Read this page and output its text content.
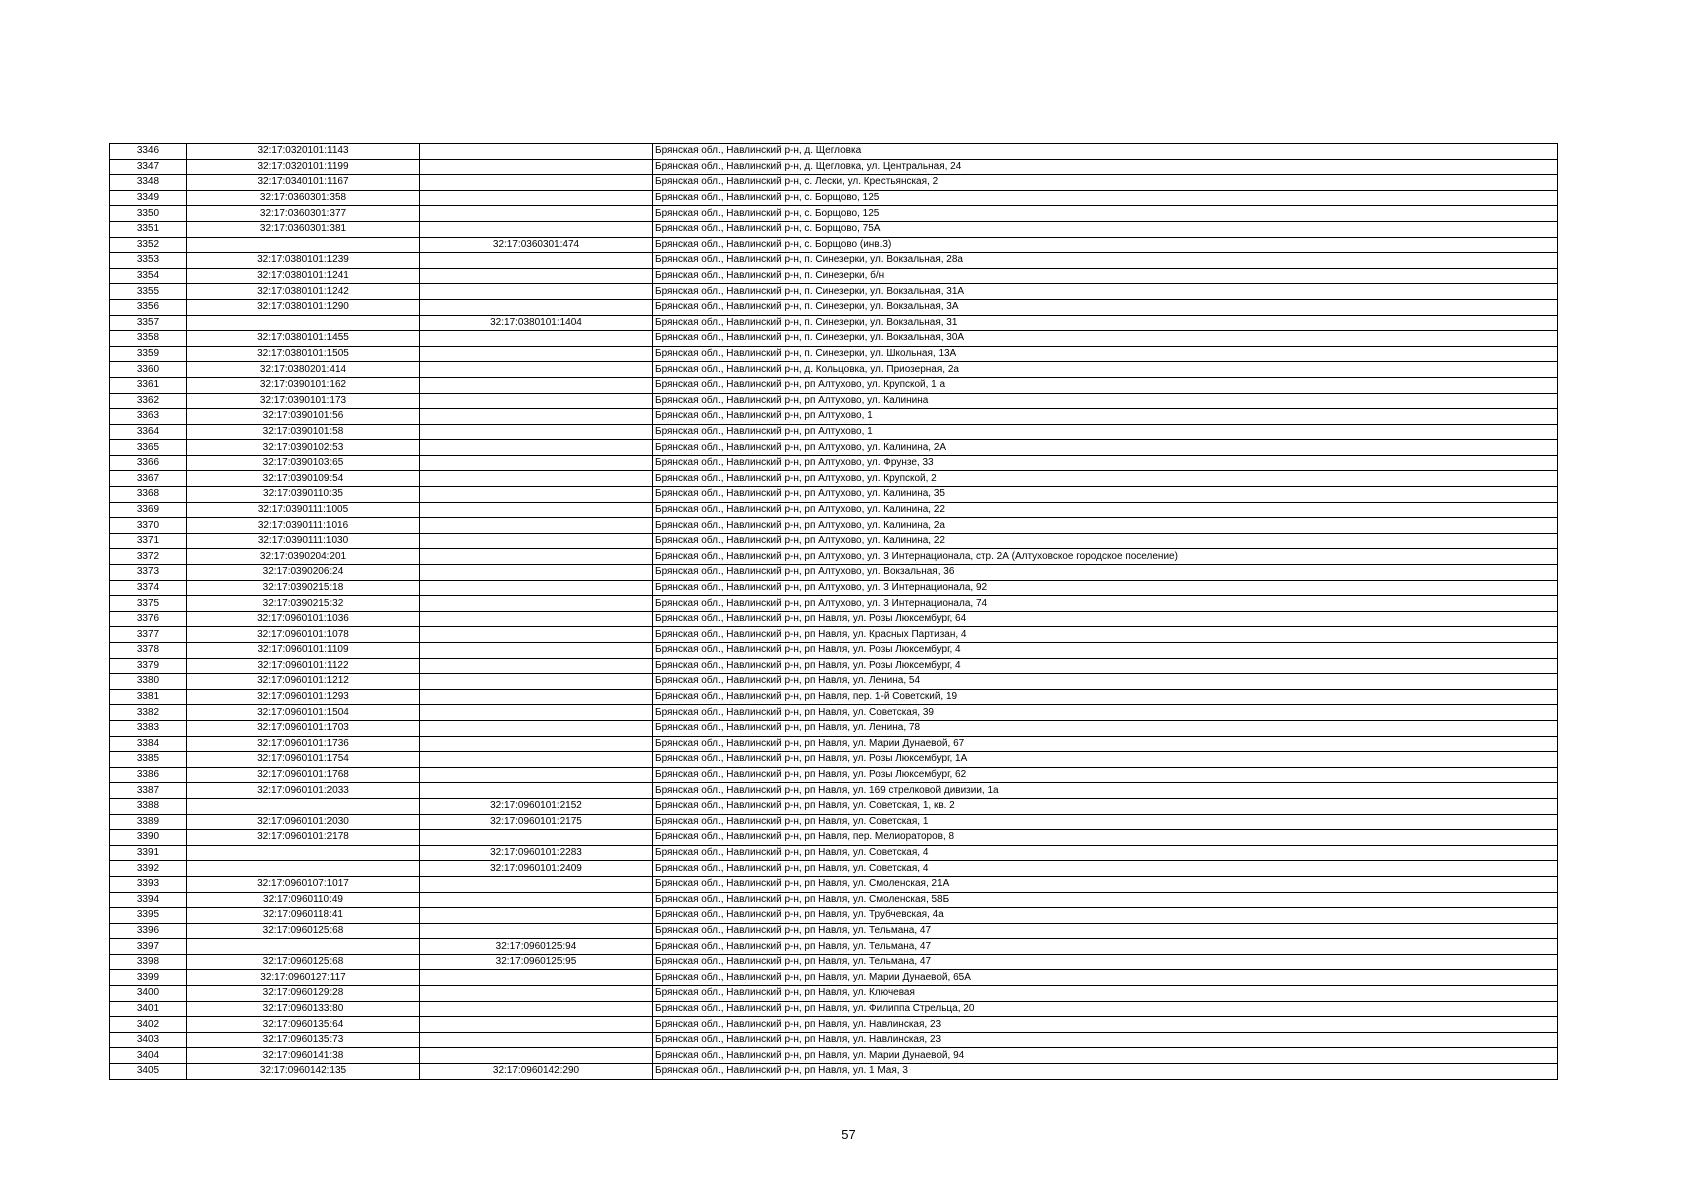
3346	32:17:0320101:1143		Брянская обл., Навлинский р-н, д. Щегловка
3347	32:17:0320101:1199		Брянская обл., Навлинский р-н, д. Щегловка, ул. Центральная, 24
3348	32:17:0340101:1167		Брянская обл., Навлинский р-н, с. Лески, ул. Крестьянская, 2
3349	32:17:0360301:358		Брянская обл., Навлинский р-н, с. Борщово, 125
3350	32:17:0360301:377		Брянская обл., Навлинский р-н, с. Борщово, 125
3351	32:17:0360301:381		Брянская обл., Навлинский р-н, с. Борщово, 75А
3352		32:17:0360301:474	Брянская обл., Навлинский р-н, с. Борщово (инв.3)
3353	32:17:0380101:1239		Брянская обл., Навлинский р-н, п. Синезерки, ул. Вокзальная, 28а
3354	32:17:0380101:1241		Брянская обл., Навлинский р-н, п. Синезерки, б/н
3355	32:17:0380101:1242		Брянская обл., Навлинский р-н, п. Синезерки, ул. Вокзальная, 31А
3356	32:17:0380101:1290		Брянская обл., Навлинский р-н, п. Синезерки, ул. Вокзальная, 3А
3357		32:17:0380101:1404	Брянская обл., Навлинский р-н, п. Синезерки, ул. Вокзальная, 31
3358	32:17:0380101:1455		Брянская обл., Навлинский р-н, п. Синезерки, ул. Вокзальная, 30А
3359	32:17:0380101:1505		Брянская обл., Навлинский р-н, п. Синезерки, ул. Школьная, 13А
3360	32:17:0380201:414		Брянская обл., Навлинский р-н, д. Кольцовка, ул. Приозерная, 2а
3361	32:17:0390101:162		Брянская обл., Навлинский р-н, рп Алтухово, ул. Крупской, 1 а
3362	32:17:0390101:173		Брянская обл., Навлинский р-н, рп Алтухово, ул. Калинина
3363	32:17:0390101:56		Брянская обл., Навлинский р-н, рп Алтухово, 1
3364	32:17:0390101:58		Брянская обл., Навлинский р-н, рп Алтухово, 1
3365	32:17:0390102:53		Брянская обл., Навлинский р-н, рп Алтухово, ул. Калинина, 2А
3366	32:17:0390103:65		Брянская обл., Навлинский р-н, рп Алтухово, ул. Фрунзе, 33
3367	32:17:0390109:54		Брянская обл., Навлинский р-н, рп Алтухово, ул. Крупской, 2
3368	32:17:0390110:35		Брянская обл., Навлинский р-н, рп Алтухово, ул. Калинина, 35
3369	32:17:0390111:1005		Брянская обл., Навлинский р-н, рп Алтухово, ул. Калинина, 22
3370	32:17:0390111:1016		Брянская обл., Навлинский р-н, рп Алтухово, ул. Калинина, 2а
3371	32:17:0390111:1030		Брянская обл., Навлинский р-н, рп Алтухово, ул. Калинина, 22
3372	32:17:0390204:201		Брянская обл., Навлинский р-н, рп Алтухово, ул. 3 Интернационала, стр. 2А (Алтуховское городское поселение)
3373	32:17:0390206:24		Брянская обл., Навлинский р-н, рп Алтухово, ул. Вокзальная, 36
3374	32:17:0390215:18		Брянская обл., Навлинский р-н, рп Алтухово, ул. 3 Интернационала, 92
3375	32:17:0390215:32		Брянская обл., Навлинский р-н, рп Алтухово, ул. 3 Интернационала, 74
3376	32:17:0960101:1036		Брянская обл., Навлинский р-н, рп Навля, ул. Розы Люксембург, 64
3377	32:17:0960101:1078		Брянская обл., Навлинский р-н, рп Навля, ул. Красных Партизан, 4
3378	32:17:0960101:1109		Брянская обл., Навлинский р-н, рп Навля, ул. Розы Люксембург, 4
3379	32:17:0960101:1122		Брянская обл., Навлинский р-н, рп Навля, ул. Розы Люксембург, 4
3380	32:17:0960101:1212		Брянская обл., Навлинский р-н, рп Навля, ул. Ленина, 54
3381	32:17:0960101:1293		Брянская обл., Навлинский р-н, рп Навля, пер. 1-й Советский, 19
3382	32:17:0960101:1504		Брянская обл., Навлинский р-н, рп Навля, ул. Советская, 39
3383	32:17:0960101:1703		Брянская обл., Навлинский р-н, рп Навля, ул. Ленина, 78
3384	32:17:0960101:1736		Брянская обл., Навлинский р-н, рп Навля, ул. Марии Дунаевой, 67
3385	32:17:0960101:1754		Брянская обл., Навлинский р-н, рп Навля, ул. Розы Люксембург, 1А
3386	32:17:0960101:1768		Брянская обл., Навлинский р-н, рп Навля, ул. Розы Люксембург, 62
3387	32:17:0960101:2033		Брянская обл., Навлинский р-н, рп Навля, ул. 169 стрелковой дивизии, 1а
3388		32:17:0960101:2152	Брянская обл., Навлинский р-н, рп Навля, ул. Советская, 1, кв. 2
3389	32:17:0960101:2030	32:17:0960101:2175	Брянская обл., Навлинский р-н, рп Навля, ул. Советская, 1
3390	32:17:0960101:2178		Брянская обл., Навлинский р-н, рп Навля, пер. Мелиораторов, 8
3391		32:17:0960101:2283	Брянская обл., Навлинский р-н, рп Навля, ул. Советская, 4
3392		32:17:0960101:2409	Брянская обл., Навлинский р-н, рп Навля, ул. Советская, 4
3393	32:17:0960107:1017		Брянская обл., Навлинский р-н, рп Навля, ул. Смоленская, 21А
3394	32:17:0960110:49		Брянская обл., Навлинский р-н, рп Навля, ул. Смоленская, 58Б
3395	32:17:0960118:41		Брянская обл., Навлинский р-н, рп Навля, ул. Трубчевская, 4а
3396	32:17:0960125:68		Брянская обл., Навлинский р-н, рп Навля, ул. Тельмана, 47
3397		32:17:0960125:94	Брянская обл., Навлинский р-н, рп Навля, ул. Тельмана, 47
3398	32:17:0960125:68	32:17:0960125:95	Брянская обл., Навлинский р-н, рп Навля, ул. Тельмана, 47
3399	32:17:0960127:117		Брянская обл., Навлинский р-н, рп Навля, ул. Марии Дунаевой, 65А
3400	32:17:0960129:28		Брянская обл., Навлинский р-н, рп Навля, ул. Ключевая
3401	32:17:0960133:80		Брянская обл., Навлинский р-н, рп Навля, ул. Филиппа Стрельца, 20
3402	32:17:0960135:64		Брянская обл., Навлинский р-н, рп Навля, ул. Навлинская, 23
3403	32:17:0960135:73		Брянская обл., Навлинский р-н, рп Навля, ул. Навлинская, 23
3404	32:17:0960141:38		Брянская обл., Навлинский р-н, рп Навля, ул. Марии Дунаевой, 94
3405	32:17:0960142:135	32:17:0960142:290	Брянская обл., Навлинский р-н, рп Навля, ул. 1 Мая, 3
57
